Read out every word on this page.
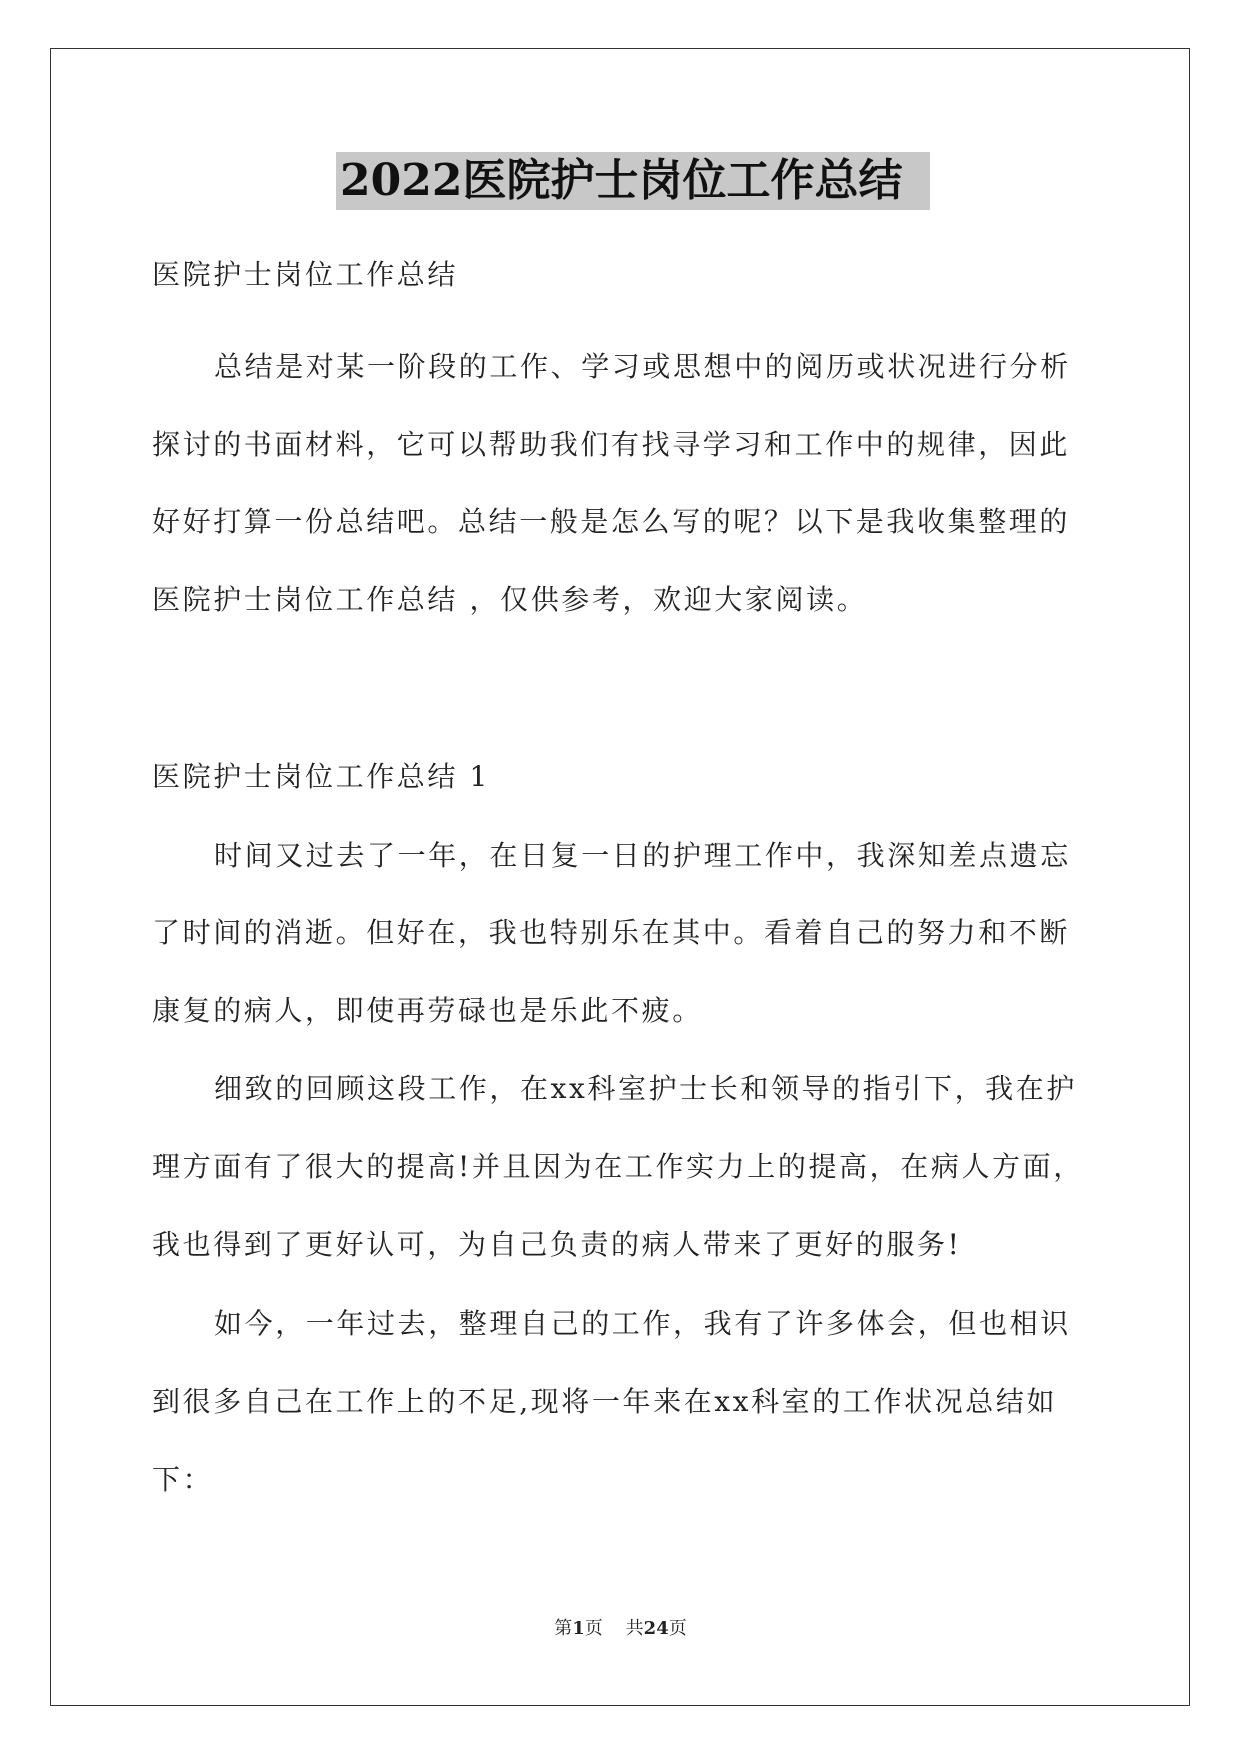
2022医院护士岗位工作总结
医院护士岗位工作总结
总结是对某一阶段的工作、学习或思想中的阅历或状况进行分析
探讨的书面材料，它可以帮助我们有找寻学习和工作中的规律，因此
好好打算一份总结吧。总结一般是怎么写的呢？以下是我收集整理的
医院护士岗位工作总结 ，仅供参考，欢迎大家阅读。
医院护士岗位工作总结 1
时间又过去了一年，在日复一日的护理工作中，我深知差点遗忘
了时间的消逝。但好在，我也特别乐在其中。看着自己的努力和不断
康复的病人，即使再劳碌也是乐此不疲。
细致的回顾这段工作，在xx科室护士长和领导的指引下，我在护
理方面有了很大的提高!并且因为在工作实力上的提高，在病人方面，
我也得到了更好认可，为自己负责的病人带来了更好的服务!
如今，一年过去，整理自己的工作，我有了许多体会，但也相识
到很多自己在工作上的不足,现将一年来在xx科室的工作状况总结如
下：
第1页 共24页
